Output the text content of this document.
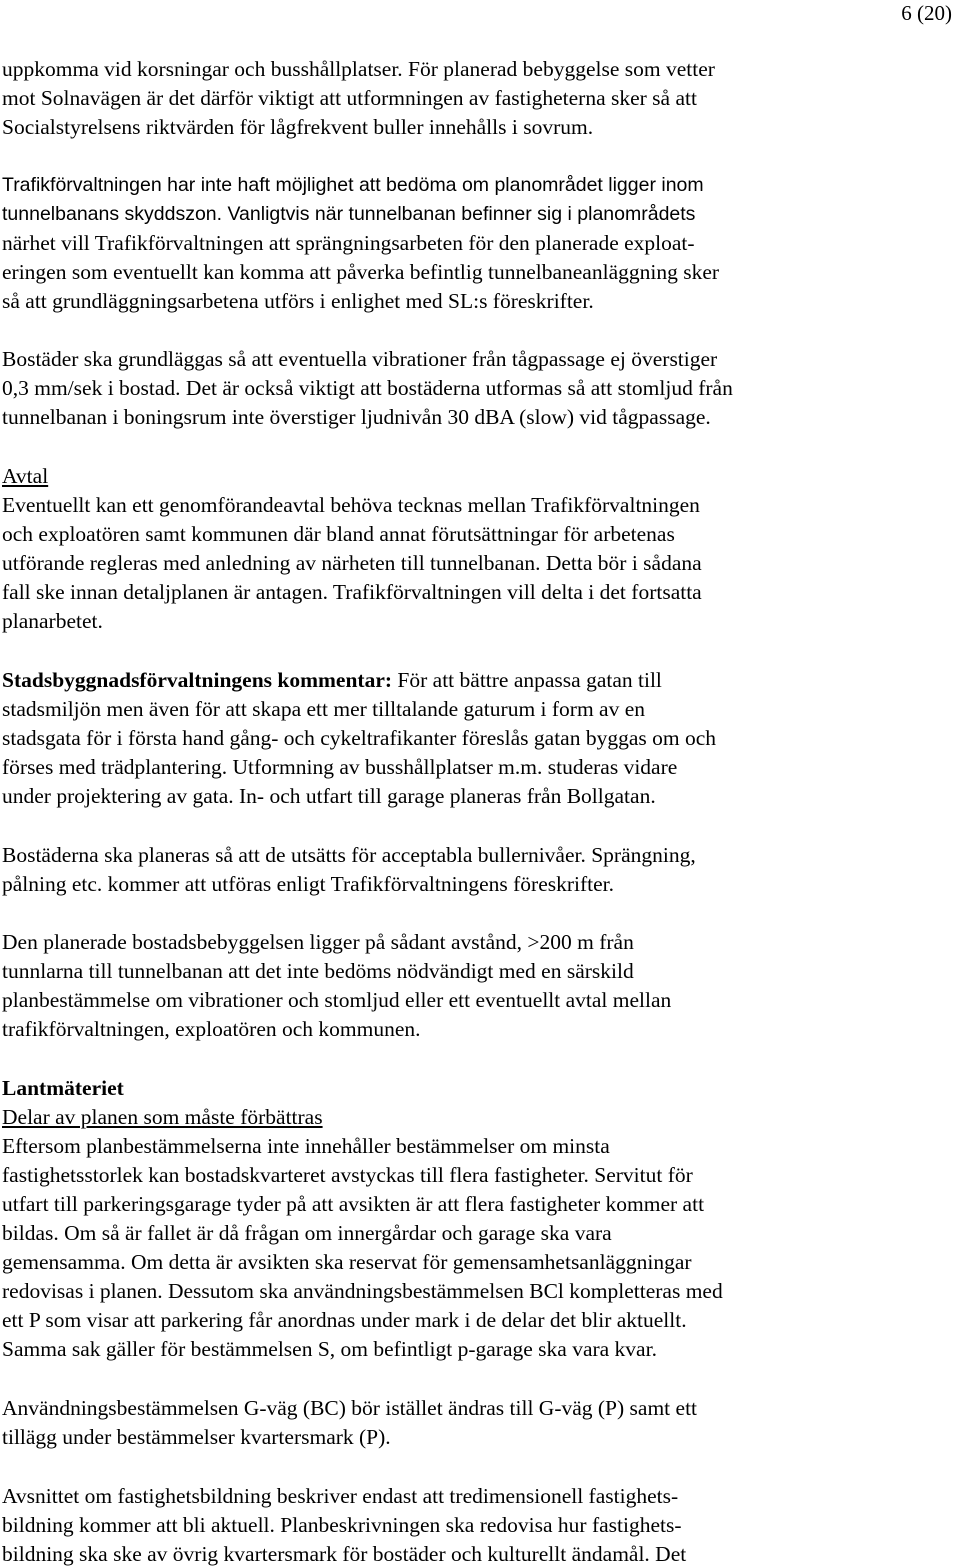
6 (20)
uppkomma vid korsningar och busshållplatser. För planerad bebyggelse som vetter
mot Solnavägen är det därför viktigt att utformningen av fastigheterna sker så att
Socialstyrelsens riktvärden för lågfrekvent buller innehålls i sovrum.
Trafikförvaltningen har inte haft möjlighet att bedöma om planområdet ligger inom
tunnelbanans skyddszon. Vanligtvis när tunnelbanan befinner sig i planområdets
närhet vill Trafikförvaltningen att sprängningsarbeten för den planerade exploat-
eringen som eventuellt kan komma att påverka befintlig tunnelbaneanläggning sker
så att grundläggningsarbetena utförs i enlighet med SL:s föreskrifter.
Bostäder ska grundläggas så att eventuella vibrationer från tågpassage ej överstiger
0,3 mm/sek i bostad. Det är också viktigt att bostäderna utformas så att stomljud från
tunnelbanan i boningsrum inte överstiger ljudnivån 30 dBA (slow) vid tågpassage.
Avtal
Eventuellt kan ett genomförandeavtal behöva tecknas mellan Trafikförvaltningen
och exploatören samt kommunen där bland annat förutsättningar för arbetenas
utförande regleras med anledning av närheten till tunnelbanan. Detta bör i sådana
fall ske innan detaljplanen är antagen. Trafikförvaltningen vill delta i det fortsatta
planarbetet.
Stadsbyggnadsförvaltningens kommentar: För att bättre anpassa gatan till
stadsmiljön men även för att skapa ett mer tilltalande gaturum i form av en
stadsgata för i första hand gång- och cykeltrafikanter föreslås gatan byggas om och
förses med trädplantering. Utformning av busshållplatser m.m. studeras vidare
under projektering av gata. In- och utfart till garage planeras från Bollgatan.
Bostäderna ska planeras så att de utsätts för acceptabla bullernivåer. Sprängning,
pålning etc. kommer att utföras enligt Trafikförvaltningens föreskrifter.
Den planerade bostadsbebyggelsen ligger på sådant avstånd, >200 m från
tunnlarna till tunnelbanan att det inte bedöms nödvändigt med en särskild
planbestämmelse om vibrationer och stomljud eller ett eventuellt avtal mellan
trafikförvaltningen, exploatören och kommunen.
Lantmäteriet
Delar av planen som måste förbättras
Eftersom planbestämmelserna inte innehåller bestämmelser om minsta
fastighetsstorlek kan bostadskvarteret avstyckas till flera fastigheter. Servitut för
utfart till parkeringsgarage tyder på att avsikten är att flera fastigheter kommer att
bildas. Om så är fallet är då frågan om innergårdar och garage ska vara
gemensamma. Om detta är avsikten ska reservat för gemensamhetsanläggningar
redovisas i planen. Dessutom ska användningsbestämmelsen BCl kompletteras med
ett P som visar att parkering får anordnas under mark i de delar det blir aktuellt.
Samma sak gäller för bestämmelsen S, om befintligt p-garage ska vara kvar.
Användningsbestämmelsen G-väg (BC) bör istället ändras till G-väg (P) samt ett
tillägg under bestämmelser kvartersmark (P).
Avsnittet om fastighetsbildning beskriver endast att tredimensionell fastighets-
bildning kommer att bli aktuell. Planbeskrivningen ska redovisa hur fastighets-
bildning ska ske av övrig kvartersmark för bostäder och kulturellt ändamål. Det
